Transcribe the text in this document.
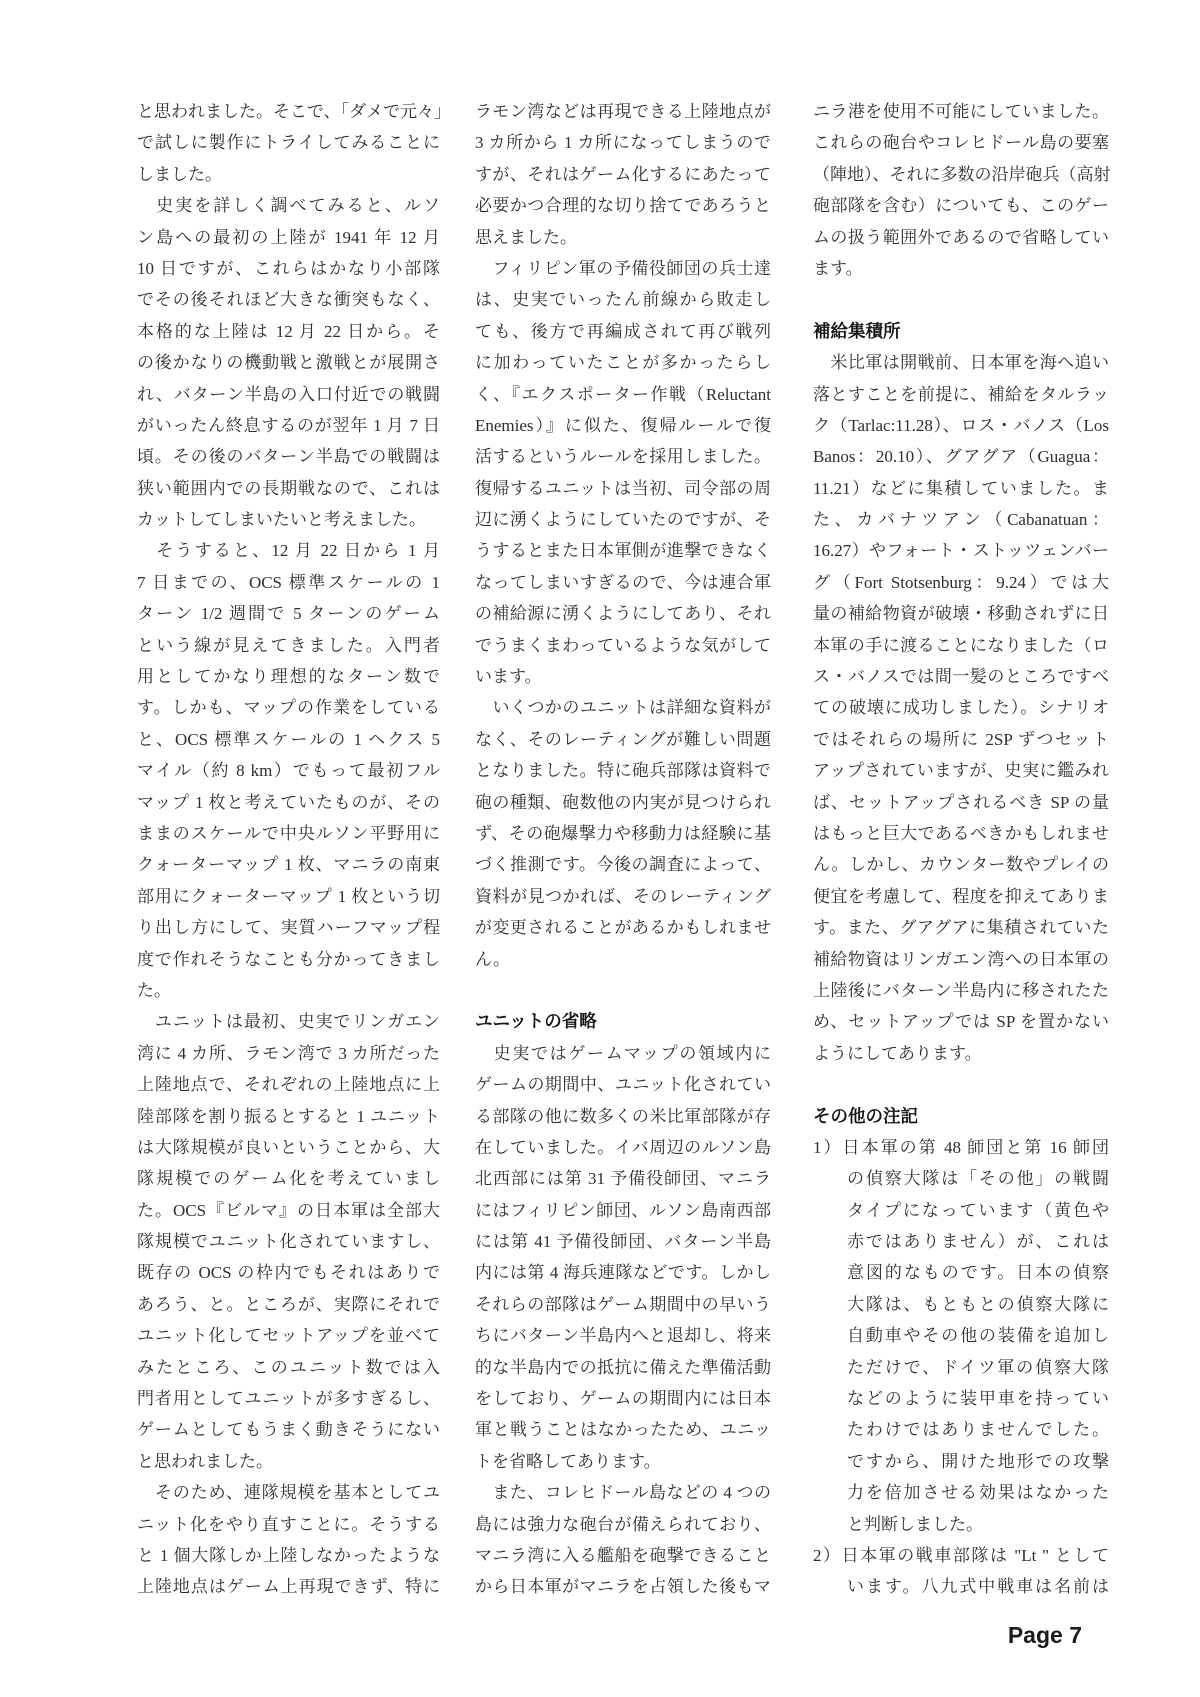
と思われました。そこで、「ダメで元々」
で試しに製作にトライしてみることに
しました。
　史実を詳しく調べてみると、ルソ
ン島への最初の上陸が 1941 年 12 月
10 日ですが、これらはかなり小部隊
でその後それほど大きな衝突もなく、
本格的な上陸は 12 月 22 日から。そ
の後かなりの機動戦と激戦とが展開さ
れ、バターン半島の入口付近での戦闘
がいったん終息するのが翌年 1 月 7 日
頃。その後のバターン半島での戦闘は
狭い範囲内での長期戦なので、これは
カットしてしまいたいと考えました。
　そうすると、12 月 22 日から 1 月
7 日までの、OCS 標準スケールの 1
ターン 1/2 週間で 5 ターンのゲーム
という線が見えてきました。入門者
用としてかなり理想的なターン数で
す。しかも、マップの作業をしている
と、OCS 標準スケールの 1 ヘクス 5
マイル（約 8 km）でもって最初フル
マップ 1 枚と考えていたものが、その
ままのスケールで中央ルソン平野用に
クォーターマップ 1 枚、マニラの南東
部用にクォーターマップ 1 枚という切
り出し方にして、実質ハーフマップ程
度で作れそうなことも分かってきまし
た。
　ユニットは最初、史実でリンガエン
湾に 4 カ所、ラモン湾で 3 カ所だった
上陸地点で、それぞれの上陸地点に上
陸部隊を割り振るとすると 1 ユニット
は大隊規模が良いということから、大
隊規模でのゲーム化を考えていまし
た。OCS『ビルマ』の日本軍は全部大
隊規模でユニット化されていますし、
既存の OCS の枠内でもそれはありで
あろう、と。ところが、実際にそれで
ユニット化してセットアップを並べて
みたところ、このユニット数では入
門者用としてユニットが多すぎるし、
ゲームとしてもうまく動きそうにない
と思われました。
　そのため、連隊規模を基本としてユ
ニット化をやり直すことに。そうする
と 1 個大隊しか上陸しなかったような
上陸地点はゲーム上再現できず、特に
ラモン湾などは再現できる上陸地点が
3 カ所から 1 カ所になってしまうので
すが、それはゲーム化するにあたって
必要かつ合理的な切り捨てであろうと
思えました。
　フィリピン軍の予備役師団の兵士達
は、史実でいったん前線から敗走し
ても、後方で再編成されて再び戦列
に加わっていたことが多かったらし
く、『エクスポーター作戦（Reluctant
Enemies）』に似た、復帰ルールで復
活するというルールを採用しました。
復帰するユニットは当初、司令部の周
辺に湧くようにしていたのですが、そ
うするとまた日本軍側が進撃できなく
なってしまいすぎるので、今は連合軍
の補給源に湧くようにしてあり、それ
でうまくまわっているような気がして
います。
　いくつかのユニットは詳細な資料が
なく、そのレーティングが難しい問題
となりました。特に砲兵部隊は資料で
砲の種類、砲数他の内実が見つけられ
ず、その砲爆撃力や移動力は経験に基
づく推測です。今後の調査によって、
資料が見つかれば、そのレーティング
が変更されることがあるかもしれませ
ん。
ユニットの省略
　史実ではゲームマップの領域内に
ゲームの期間中、ユニット化されてい
る部隊の他に数多くの米比軍部隊が存
在していました。イバ周辺のルソン島
北西部には第 31 予備役師団、マニラ
にはフィリピン師団、ルソン島南西部
には第 41 予備役師団、バターン半島
内には第 4 海兵連隊などです。しかし
それらの部隊はゲーム期間中の早いう
ちにバターン半島内へと退却し、将来
的な半島内での抵抗に備えた準備活動
をしており、ゲームの期間内には日本
軍と戦うことはなかったため、ユニッ
トを省略してあります。
　また、コレヒドール島などの 4 つの
島には強力な砲台が備えられており、
マニラ湾に入る艦船を砲撃できること
から日本軍がマニラを占領した後もマ
ニラ港を使用不可能にしていました。
これらの砲台やコレヒドール島の要塞
（陣地）、それに多数の沿岸砲兵（高射
砲部隊を含む）についても、このゲー
ムの扱う範囲外であるので省略してい
ます。
補給集積所
　米比軍は開戦前、日本軍を海へ追い
落とすことを前提に、補給をタルラッ
ク（Tarlac:11.28）、ロス・バノス（Los
Banos：20.10）、グアグア（Guagua：
11.21）などに集積していました。ま
た、カバナツアン（Cabanatuan：
16.27）やフォート・ストッツェンバー
グ（Fort Stotsenburg：9.24）では大
量の補給物資が破壊・移動されずに日
本軍の手に渡ることになりました（ロ
ス・バノスでは間一髪のところですべ
ての破壊に成功しました）。シナリオ
ではそれらの場所に 2SP ずつセット
アップされていますが、史実に鑑みれ
ば、セットアップされるべき SP の量
はもっと巨大であるべきかもしれませ
ん。しかし、カウンター数やプレイの
便宜を考慮して、程度を抑えてありま
す。また、グアグアに集積されていた
補給物資はリンガエン湾への日本軍の
上陸後にバターン半島内に移されたた
め、セットアップでは SP を置かない
ようにしてあります。
その他の注記
1）日本軍の第 48 師団と第 16 師団
の偵察大隊は「その他」の戦闘
タイプになっています（黄色や
赤ではありません）が、これは
意図的なものです。日本の偵察
大隊は、もともとの偵察大隊に
自動車やその他の装備を追加し
ただけで、ドイツ軍の偵察大隊
などのように装甲車を持ってい
たわけではありませんでした。
ですから、開けた地形での攻撃
力を倍加させる効果はなかった
と判断しました。
2）日本軍の戦車部隊は "Lt " として
います。八九式中戦車は名前は
Page 7
